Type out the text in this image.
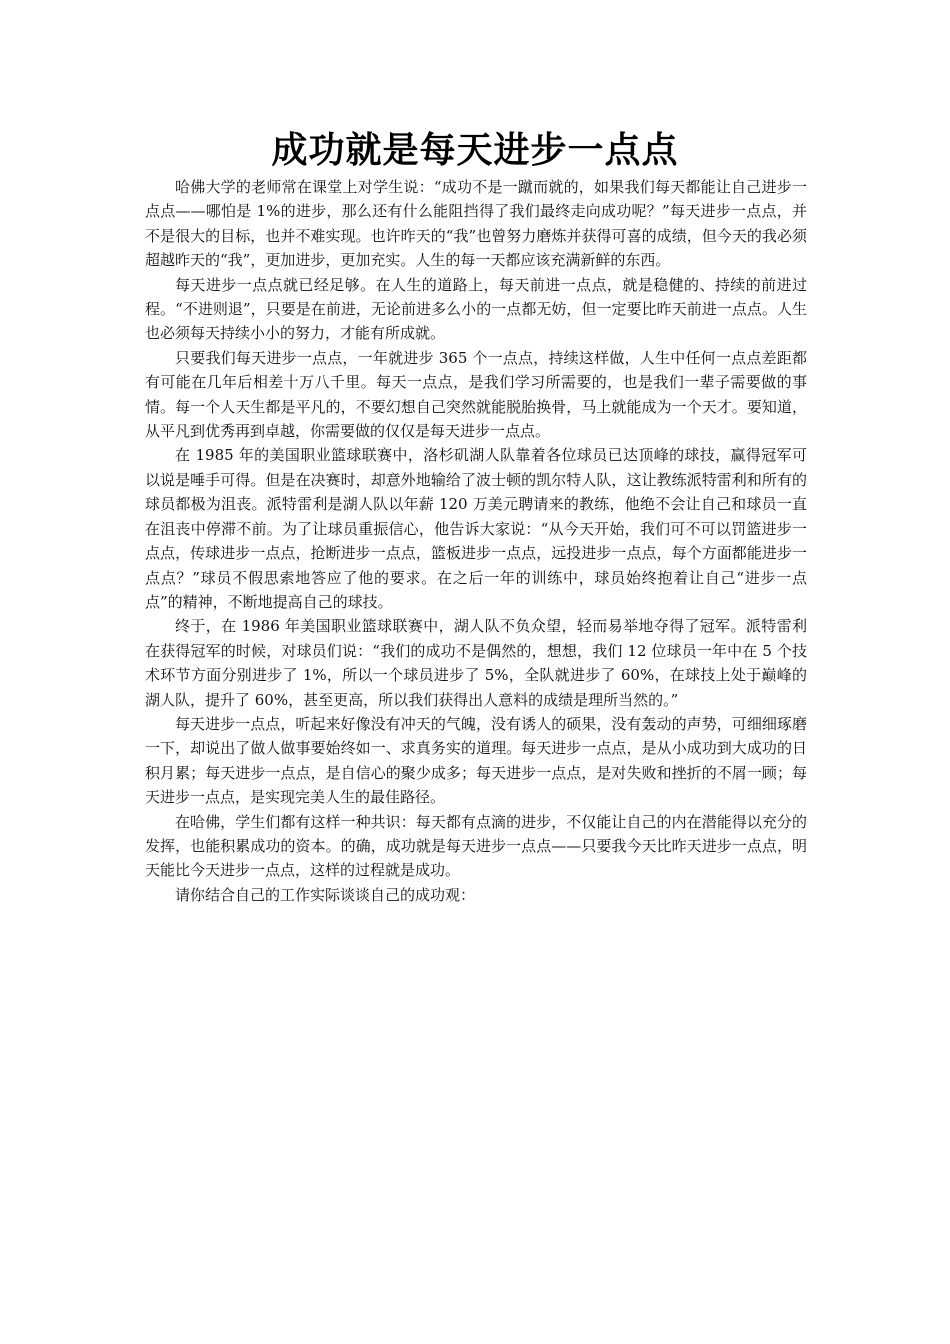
成功就是每天进步一点点

哈佛大学的老师常在课堂上对学生说：“成功不是一蹴而就的，如果我们每天都能让自己进步一点点——哪怕是 1%的进步，那么还有什么能阻挡得了我们最终走向成功呢？”每天进步一点点，并不是很大的目标，也并不难实现。也许昨天的“我”也曾努力磨炼并获得可喜的成绩，但今天的我必须超越昨天的“我”，更加进步，更加充实。人生的每一天都应该充满新鲜的东西。

每天进步一点点就已经足够。在人生的道路上，每天前进一点点，就是稳健的、持续的前进过程。“不进则退”，只要是在前进，无论前进多么小的一点都无妨，但一定要比昨天前进一点点。人生也必须每天持续小小的努力，才能有所成就。

只要我们每天进步一点点，一年就进步 365 个一点点，持续这样做，人生中任何一点点差距都有可能在几年后相差十万八千里。每天一点点，是我们学习所需要的，也是我们一辈子需要做的事情。每一个人天生都是平凡的，不要幻想自己突然就能脱胎换骨，马上就能成为一个天才。要知道，从平凡到优秀再到卓越，你需要做的仅仅是每天进步一点点。

在 1985 年的美国职业篮球联赛中，洛杉矶湖人队靠着各位球员已达顶峰的球技，赢得冠军可以说是唾手可得。但是在决赛时，却意外地输给了波士顿的凯尔特人队，这让教练派特雷利和所有的球员都极为沮丧。派特雷利是湖人队以年薪 120 万美元聘请来的教练，他绝不会让自己和球员一直在沮丧中停滞不前。为了让球员重振信心，他告诉大家说：“从今天开始，我们可不可以罚篮进步一点点，传球进步一点点，抢断进步一点点，篮板进步一点点，远投进步一点点，每个方面都能进步一点点？”球员不假思索地答应了他的要求。在之后一年的训练中，球员始终抱着让自己“进步一点点”的精神，不断地提高自己的球技。

终于，在 1986 年美国职业篮球联赛中，湖人队不负众望，轻而易举地夺得了冠军。派特雷利在获得冠军的时候，对球员们说：“我们的成功不是偶然的，想想，我们 12 位球员一年中在 5 个技术环节方面分别进步了 1%，所以一个球员进步了 5%，全队就进步了 60%，在球技上处于巅峰的湖人队，提升了 60%，甚至更高，所以我们获得出人意料的成绩是理所当然的。”

每天进步一点点，听起来好像没有冲天的气魄，没有诱人的硕果，没有轰动的声势，可细细琢磨一下，却说出了做人做事要始终如一、求真务实的道理。每天进步一点点，是从小成功到大成功的日积月累；每天进步一点点，是自信心的聚少成多；每天进步一点点，是对失败和挫折的不屑一顾；每天进步一点点，是实现完美人生的最佳路径。

在哈佛，学生们都有这样一种共识：每天都有点滴的进步，不仅能让自己的内在潜能得以充分的发挥，也能积累成功的资本。的确，成功就是每天进步一点点——只要我今天比昨天进步一点点，明天能比今天进步一点点，这样的过程就是成功。

请你结合自己的工作实际谈谈自己的成功观：
